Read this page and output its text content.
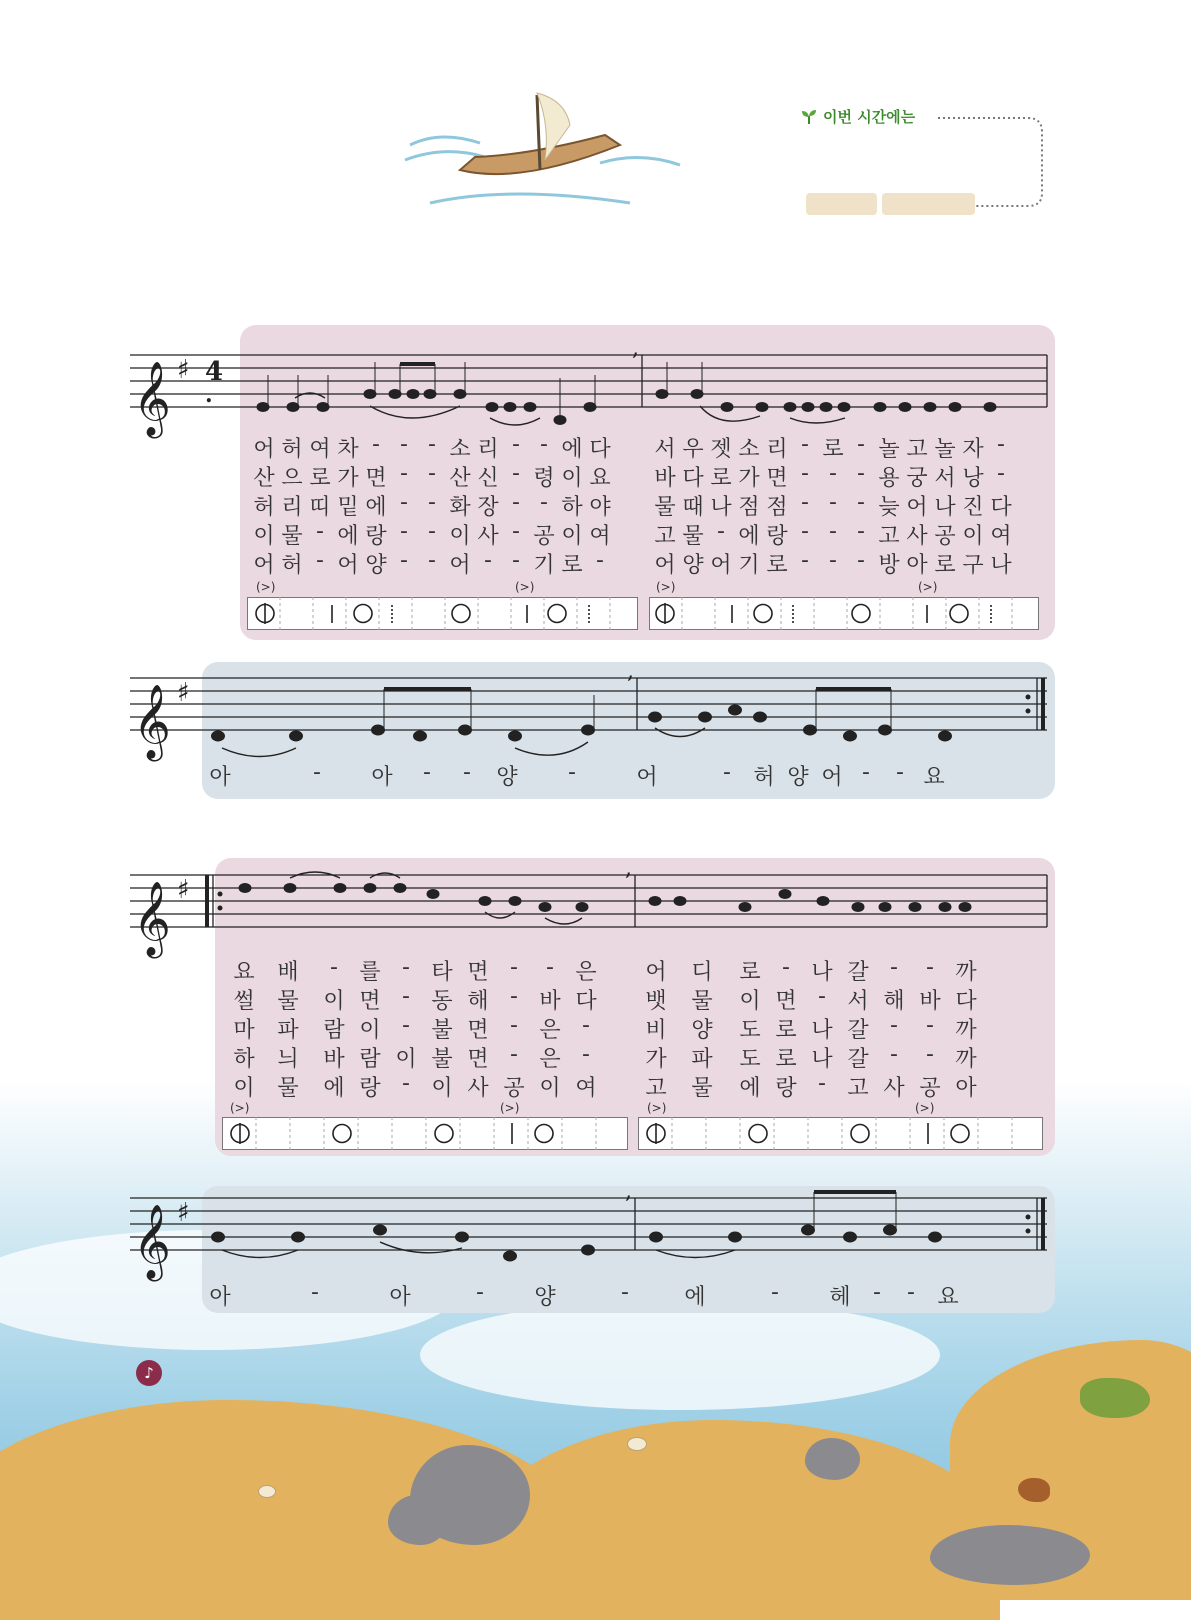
이번 시간에는
𝄞
𝄞
𝄞
𝄞
♯
♯
♯
♯
4
.
,
,
,
,
어 허 여 차 - - - 소 리 - - 에 다
산 으 로 가 면 - - 산 신 - 령 이 요
허 리 띠 밑 에 - - 화 장 - - 하 야
이 물 - 에 랑 - - 이 사 - 공 이 여
어 허 - 어 양 - - 어 - - 기 로 -
서 우 젯 소 리 - 로 - 놀 고 놀 자 -
바 다 로 가 면 - - - 용 궁 서 낭 -
물 때 나 점 점 - - - 늦 어 나 진 다
고 물 - 에 랑 - - - 고 사 공 이 여
어 양 어 기 로 - - - 방 아 로 구 나
(>)	(>)	(>)	(>)
아	-	아	-	-	양	-	어	-	허 양 어 -	- 요
요	배	- 를 - 타 면 -	- 은
썰	물	이 면 - 동 해 - 바 다
마	파	람 이 - 불 면 - 은 -
하	늬	바 람 이 불 면 - 은 -
이	물	에 랑 - 이 사 공 이 여
어	디	로 - 나 갈 -	- 까
뱃	물	이 면 - 서 해 바 다
비	양	도 로 나 갈 -	- 까
가	파	도 로 나 갈 -	- 까
고	물	에 랑 - 고 사 공 아
(>)	(>)	(>)	(>)
아	-	아	-	양	-	에	-	헤	-	-	요
♪
